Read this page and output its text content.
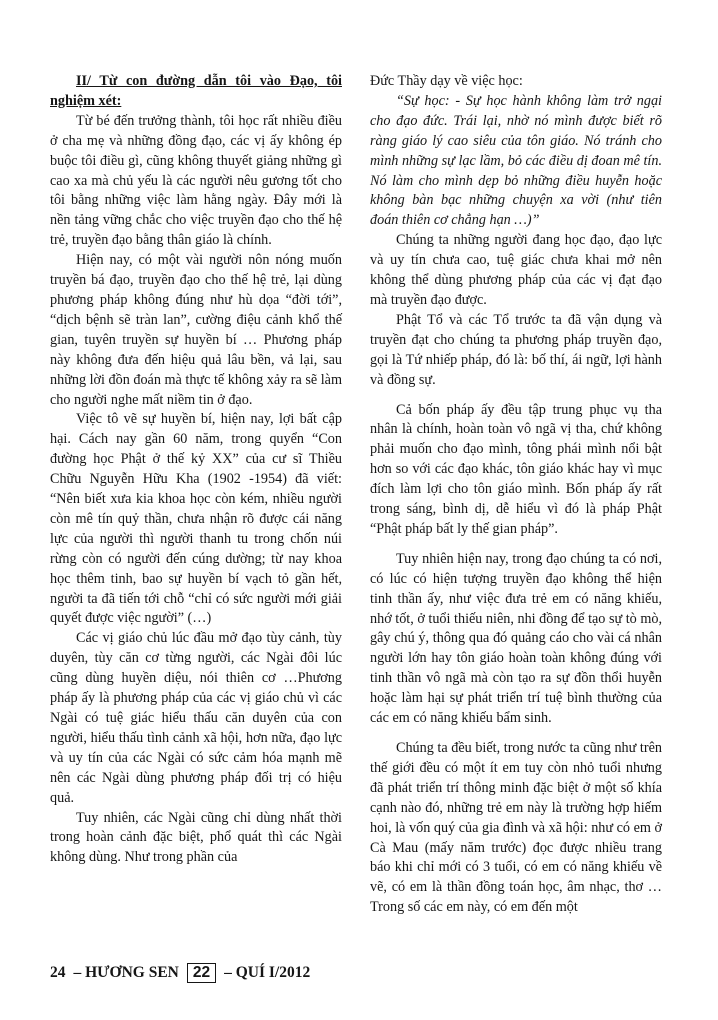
II/ Từ con đường dẫn tôi vào Đạo, tôi nghiệm xét:

Từ bé đến trưởng thành, tôi học rất nhiều điều ở cha mẹ và những đồng đạo, các vị ấy không ép buộc tôi điều gì, cũng không thuyết giảng những gì cao xa mà chủ yếu là các người nêu gương tốt cho tôi bằng những việc làm hằng ngày. Đây mới là nền tảng vững chắc cho việc truyền đạo cho thế hệ trẻ, truyền đạo bằng thân giáo là chính.

Hiện nay, có một vài người nôn nóng muốn truyền bá đạo, truyền đạo cho thế hệ trẻ, lại dùng phương pháp không đúng như hù dọa “đời tới”, “dịch bệnh sẽ tràn lan”, cường điệu cảnh khổ thế gian, tuyên truyền sự huyền bí … Phương pháp này không đưa đến hiệu quả lâu bền, vả lại, sau những lời đồn đoán mà thực tế không xảy ra sẽ làm cho người nghe mất niềm tin ở đạo.

Việc tô vẽ sự huyền bí, hiện nay, lợi bất cập hại. Cách nay gần 60 năm, trong quyển “Con đường học Phật ở thế kỷ XX” của cư sĩ Thiều Chữu Nguyễn Hữu Kha (1902 -1954) đã viết: “Nên biết xưa kia khoa học còn kém, nhiều người còn mê tín quỷ thần, chưa nhận rõ được cái năng lực của người thì người thanh tu trong chốn núi rừng còn có người đến cúng dường; từ nay khoa học thêm tinh, bao sự huyền bí vạch tỏ gần hết, người ta đã tiến tới chỗ “chỉ có sức người mới giải quyết được việc người” (…)

Các vị giáo chủ lúc đầu mở đạo tùy cảnh, tùy duyên, tùy căn cơ từng người, các Ngài đôi lúc cũng dùng huyền diệu, nói thiên cơ …Phương pháp ấy là phương pháp của các vị giáo chủ vì các Ngài có tuệ giác hiểu thấu căn duyên của con người, hiểu thấu tình cảnh xã hội, hơn nữa, đạo lực và uy tín của các Ngài có sức cảm hóa mạnh mẽ nên các Ngài dùng phương pháp đối trị có hiệu quả.

Tuy nhiên, các Ngài cũng chỉ dùng nhất thời trong hoàn cảnh đặc biệt, phổ quát thì các Ngài không dùng. Như trong phần của

Đức Thầy dạy về việc học:

“Sự học: - Sự học hành không làm trở ngại cho đạo đức. Trái lại, nhờ nó mình được biết rõ ràng giáo lý cao siêu của tôn giáo. Nó tránh cho mình những sự lạc lầm, bỏ các điều dị đoan mê tín. Nó làm cho mình dẹp bỏ những điều huyễn hoặc không bàn bạc những chuyện xa vời (như tiên đoán thiên cơ chẳng hạn …)”

Chúng ta những người đang học đạo, đạo lực và uy tín chưa cao, tuệ giác chưa khai mở nên không thể dùng phương pháp của các vị đạt đạo mà truyền đạo được.

Phật Tổ và các Tổ trước ta đã vận dụng và truyền đạt cho chúng ta phương pháp truyền đạo, gọi là Tứ nhiếp pháp, đó là: bố thí, ái ngữ, lợi hành và đồng sự.

Cả bốn pháp ấy đều tập trung phục vụ tha nhân là chính, hoàn toàn vô ngã vị tha, chứ không phải muốn cho đạo mình, tông phái mình nổi bật hơn so với các đạo khác, tôn giáo khác hay vì mục đích làm lợi cho tôn giáo mình. Bốn pháp ấy rất trong sáng, bình dị, dễ hiểu vì đó là pháp Phật “Phật pháp bất ly thế gian pháp”.

Tuy nhiên hiện nay, trong đạo chúng ta có nơi, có lúc có hiện tượng truyền đạo không thể hiện tinh thần ấy, như việc đưa trẻ em có năng khiếu, nhớ tốt, ở tuổi thiếu niên, nhi đồng để tạo sự tò mò, gây chú ý, thông qua đó quảng cáo cho vài cá nhân người lớn hay tôn giáo hoàn toàn không đúng với tinh thần vô ngã mà còn tạo ra sự đồn thổi huyễn hoặc làm hại sự phát triển trí tuệ bình thường của các em có năng khiếu bẩm sinh.

Chúng ta đều biết, trong nước ta cũng như trên thế giới đều có một ít em tuy còn nhỏ tuổi nhưng đã phát triển trí thông minh đặc biệt ở một số khía cạnh nào đó, những trẻ em này là trường hợp hiếm hoi, là vốn quý của gia đình và xã hội: như có em ở Cà Mau (mấy năm trước) đọc được nhiều trang báo khi chỉ mới có 3 tuổi, có em có năng khiếu về vẽ, có em là thần đồng toán học, âm nhạc, thơ … Trong số các em này, có em đến một

24 – HƯƠNG SEN 22 – QUÍ I/2012
